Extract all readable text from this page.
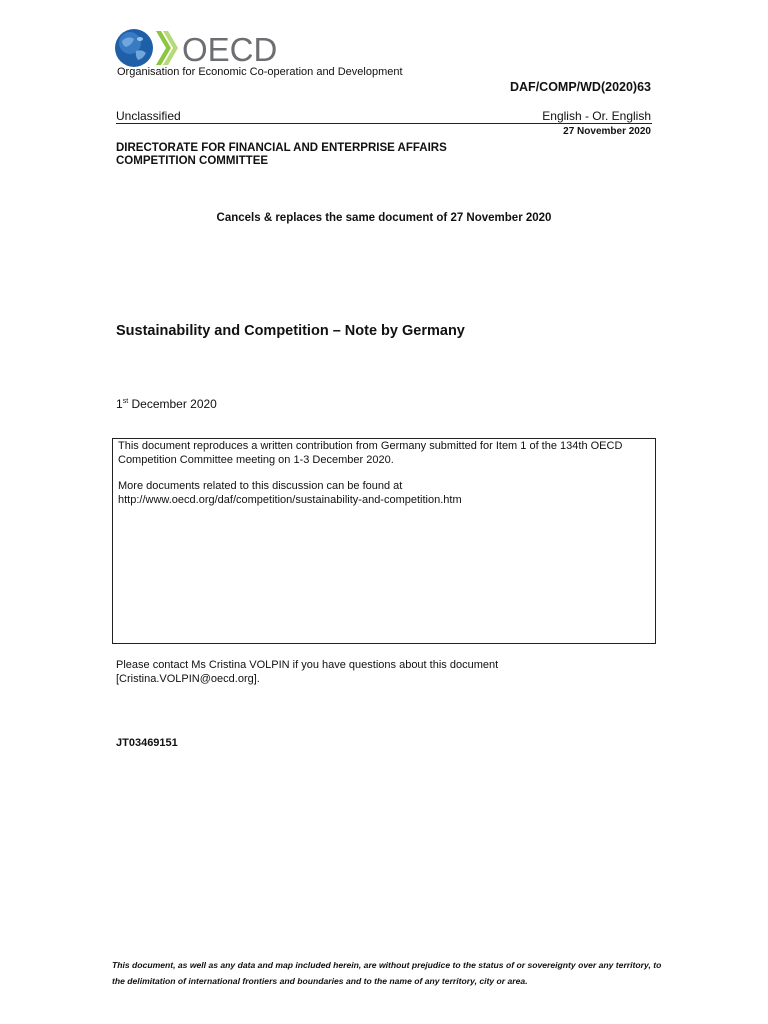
OECD
Organisation for Economic Co-operation and Development
DAF/COMP/WD(2020)63
Unclassified	English - Or. English
27 November 2020
DIRECTORATE FOR FINANCIAL AND ENTERPRISE AFFAIRS
COMPETITION COMMITTEE
Cancels & replaces the same document of 27 November 2020
Sustainability and Competition – Note by Germany
1st December 2020

This document reproduces a written contribution from Germany submitted for Item 1 of the 134th OECD Competition Committee meeting on 1-3 December 2020.

More documents related to this discussion can be found at
http://www.oecd.org/daf/competition/sustainability-and-competition.htm

Please contact Ms Cristina VOLPIN if you have questions about this document

[Cristina.VOLPIN@oecd.org].

JT03469151
This document, as well as any data and map included herein, are without prejudice to the status of or sovereignty over any territory, to the delimitation of international frontiers and boundaries and to the name of any territory, city or area.
